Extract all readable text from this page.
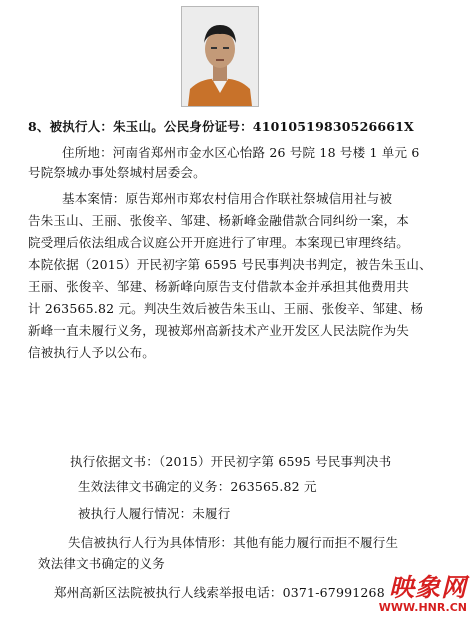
8、被执行人：朱玉山。公民身份证号：41010519830526661X
住所地：河南省郑州市金水区心怡路 26 号院 18 号楼 1 单元 6
号院祭城办事处祭城村居委会。
基本案情：原告郑州市郑农村信用合作联社祭城信用社与被
告朱玉山、王丽、张俊辛、邹建、杨新峰金融借款合同纠纷一案，本
院受理后依法组成合议庭公开开庭进行了审理。本案现已审理终结。
本院依据（2015）开民初字第 6595 号民事判决书判定，被告朱玉山、
王丽、张俊辛、邹建、杨新峰向原告支付借款本金并承担其他费用共
计 263565.82 元。判决生效后被告朱玉山、王丽、张俊辛、邹建、杨
新峰一直未履行义务，现被郑州高新技术产业开发区人民法院作为失
信被执行人予以公布。
执行依据文书：（2015）开民初字第 6595 号民事判决书
生效法律文书确定的义务：263565.82 元
被执行人履行情况：未履行
失信被执行人行为具体情形：其他有能力履行而拒不履行生
效法律文书确定的义务
郑州高新区法院被执行人线索举报电话：0371-67991268 映象网
WWW.HNR.CN
